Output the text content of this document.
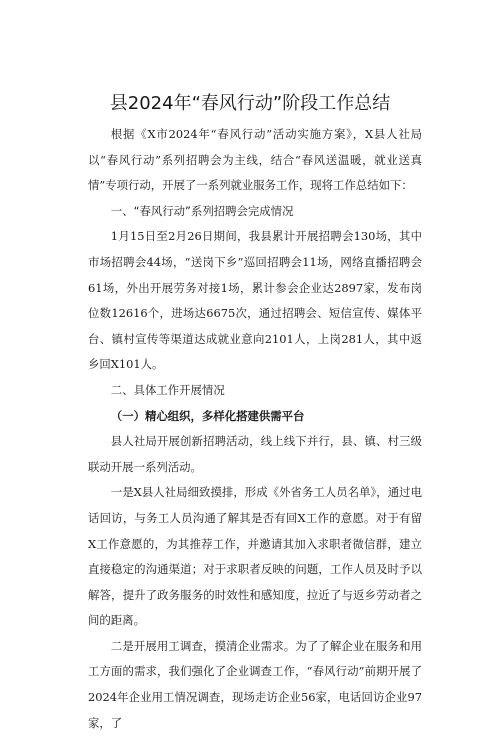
县2024年“春风行动”阶段工作总结

根据《X市2024年“春风行动”活动实施方案》，X县人社局以“春风行动”系列招聘会为主线，结合“春风送温暖，就业送真情”专项行动，开展了一系列就业服务工作，现将工作总结如下：

一、“春风行动”系列招聘会完成情况

1月15日至2月26日期间，我县累计开展招聘会130场，其中市场招聘会44场，“送岗下乡”巡回招聘会11场，网络直播招聘会61场，外出开展劳务对接1场，累计参会企业达2897家，发布岗位数12616个，进场达6675次，通过招聘会、短信宣传、媒体平台、镇村宣传等渠道达成就业意向2101人，上岗281人，其中返乡回X101人。

二、具体工作开展情况

（一）精心组织，多样化搭建供需平台

县人社局开展创新招聘活动，线上线下并行，县、镇、村三级联动开展一系列活动。

一是X县人社局细致摸排，形成《外省务工人员名单》，通过电话回访，与务工人员沟通了解其是否有回X工作的意愿。对于有留X工作意愿的，为其推荐工作，并邀请其加入求职者微信群，建立直接稳定的沟通渠道；对于求职者反映的问题，工作人员及时予以解答，提升了政务服务的时效性和感知度，拉近了与返乡劳动者之间的距离。

二是开展用工调查，摸清企业需求。为了了解企业在服务和用工方面的需求，我们强化了企业调查工作，“春风行动”前期开展了2024年企业用工情况调查，现场走访企业56家，电话回访企业97家，了
